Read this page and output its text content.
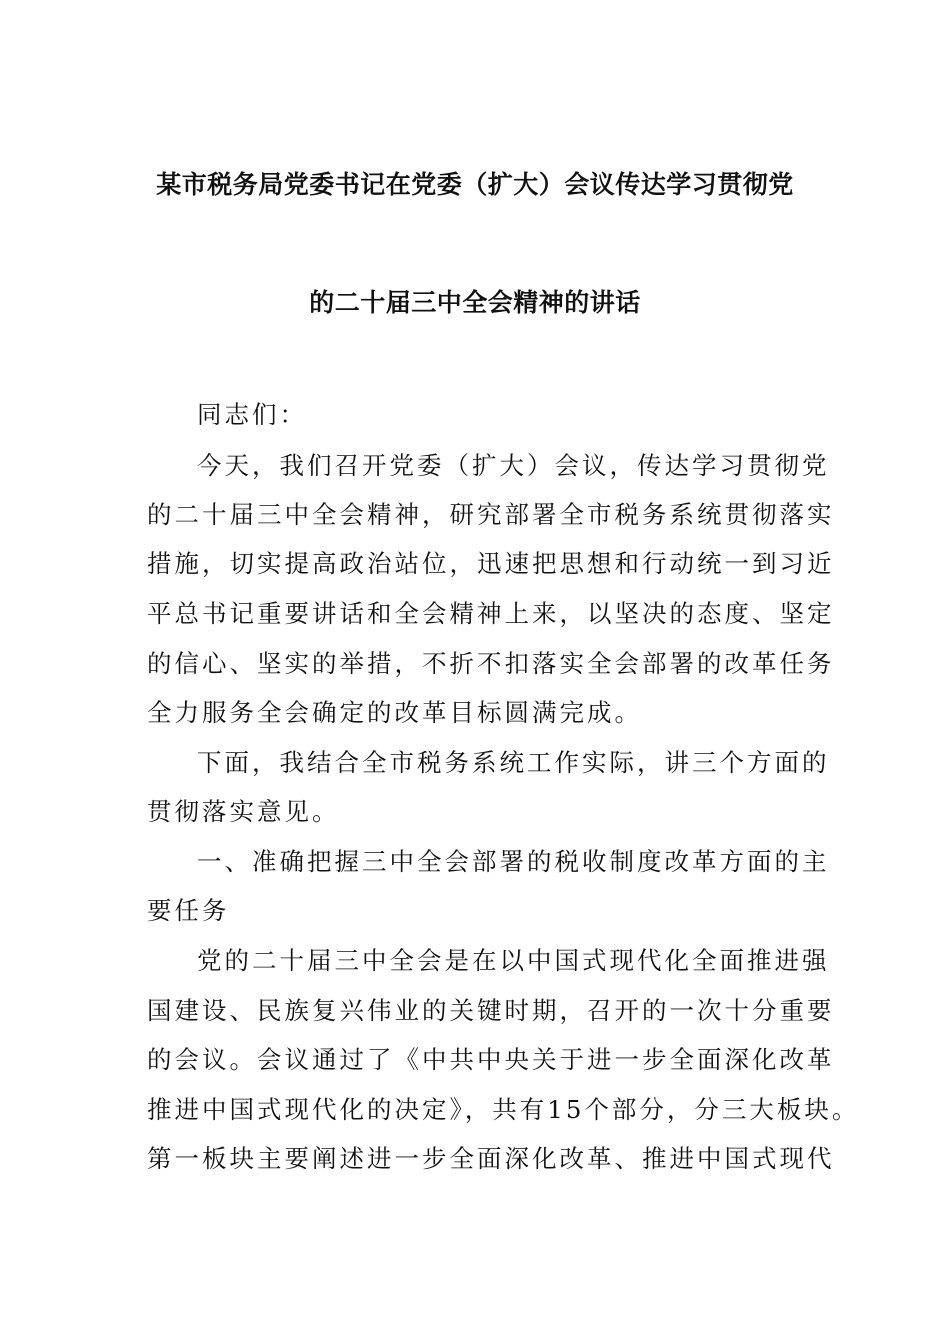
某市税务局党委书记在党委（扩大）会议传达学习贯彻党
的二十届三中全会精神的讲话
同志们：
今天，我们召开党委（扩大）会议，传达学习贯彻党
的二十届三中全会精神，研究部署全市税务系统贯彻落实
措施，切实提高政治站位，迅速把思想和行动统一到习近
平总书记重要讲话和全会精神上来，以坚决的态度、坚定
的信心、坚实的举措，不折不扣落实全会部署的改革任务
全力服务全会确定的改革目标圆满完成。
下面，我结合全市税务系统工作实际，讲三个方面的
贯彻落实意见。
一、准确把握三中全会部署的税收制度改革方面的主
要任务
党的二十届三中全会是在以中国式现代化全面推进强
国建设、民族复兴伟业的关键时期，召开的一次十分重要
的会议。会议通过了《中共中央关于进一步全面深化改革
推进中国式现代化的决定》，共有15个部分，分三大板块。
第一板块主要阐述进一步全面深化改革、推进中国式现代
